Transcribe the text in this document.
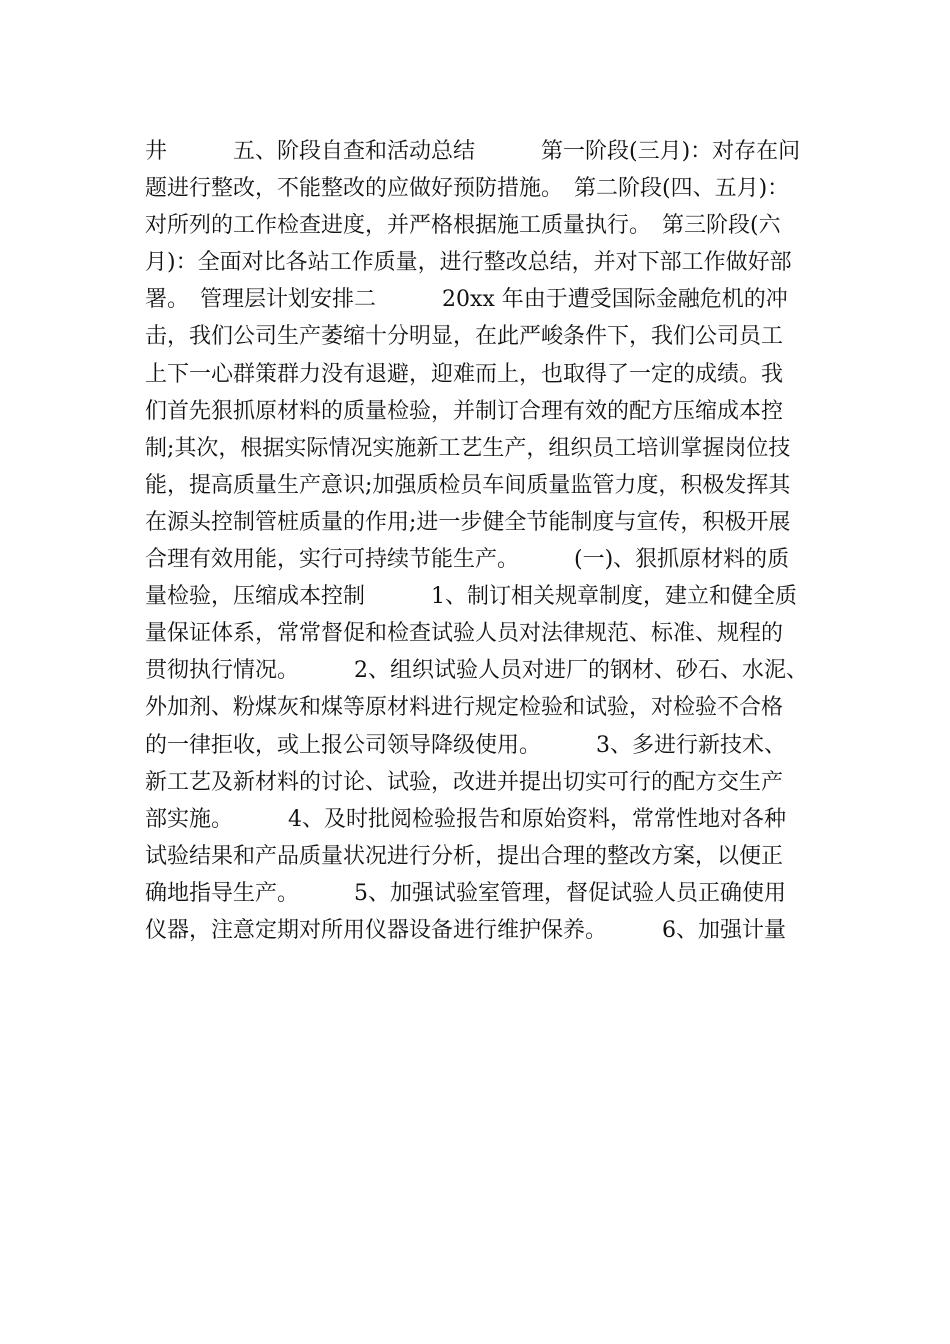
井　　　五、阶段自查和活动总结　　　第一阶段(三月)：对存在问
题进行整改，不能整改的应做好预防措施。　第二阶段(四、五月)：
对所列的工作检查进度，并严格根据施工质量执行。　第三阶段(六
月)：全面对比各站工作质量，进行整改总结，并对下部工作做好部
署。　管理层计划安排二　　　20xx 年由于遭受国际金融危机的冲
击，我们公司生产萎缩十分明显，在此严峻条件下，我们公司员工
上下一心群策群力没有退避，迎难而上，也取得了一定的成绩。我
们首先狠抓原材料的质量检验，并制订合理有效的配方压缩成本控
制;其次，根据实际情况实施新工艺生产，组织员工培训掌握岗位技
能，提高质量生产意识;加强质检员车间质量监管力度，积极发挥其
在源头控制管桩质量的作用;进一步健全节能制度与宣传，积极开展
合理有效用能，实行可持续节能生产。　　　(一)、狠抓原材料的质
量检验，压缩成本控制　　　1、制订相关规章制度，建立和健全质
量保证体系，常常督促和检查试验人员对法律规范、标准、规程的
贯彻执行情况。　　　2、组织试验人员对进厂的钢材、砂石、水泥、
外加剂、粉煤灰和煤等原材料进行规定检验和试验，对检验不合格
的一律拒收，或上报公司领导降级使用。　　　3、多进行新技术、
新工艺及新材料的讨论、试验，改进并提出切实可行的配方交生产
部实施。　　　4、及时批阅检验报告和原始资料，常常性地对各种
试验结果和产品质量状况进行分析，提出合理的整改方案，以便正
确地指导生产。　　　5、加强试验室管理，督促试验人员正确使用
仪器，注意定期对所用仪器设备进行维护保养。　　　6、加强计量
